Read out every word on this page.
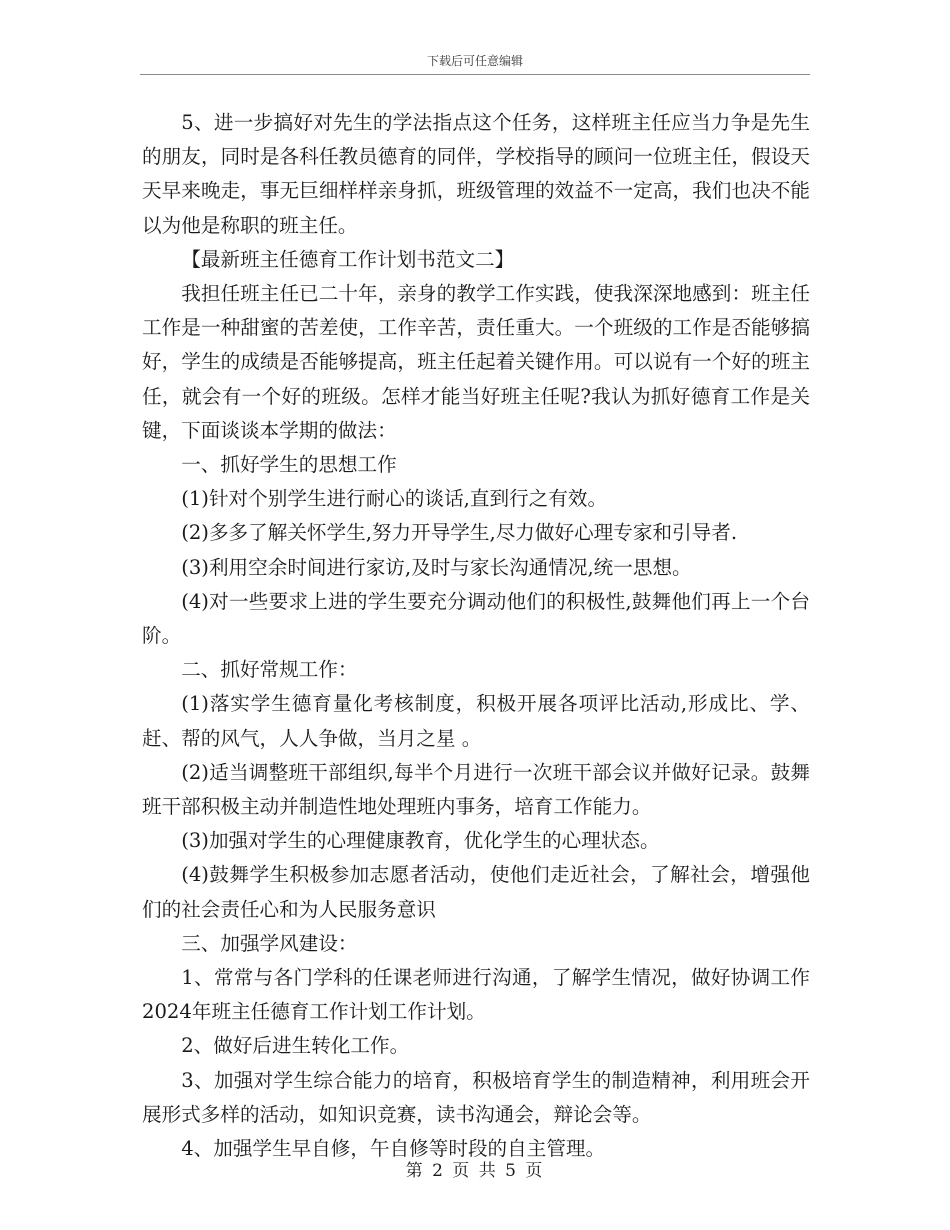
下载后可任意编辑

5、进一步搞好对先生的学法指点这个任务，这样班主任应当力争是先生的朋友，同时是各科任教员德育的同伴，学校指导的顾问一位班主任，假设天天早来晚走，事无巨细样样亲身抓，班级管理的效益不一定高，我们也决不能以为他是称职的班主任。

【最新班主任德育工作计划书范文二】

我担任班主任已二十年，亲身的教学工作实践，使我深深地感到：班主任工作是一种甜蜜的苦差使，工作辛苦，责任重大。一个班级的工作是否能够搞好，学生的成绩是否能够提高，班主任起着关键作用。可以说有一个好的班主任，就会有一个好的班级。怎样才能当好班主任呢?我认为抓好德育工作是关键，下面谈谈本学期的做法：

一、抓好学生的思想工作

(1)针对个别学生进行耐心的谈话,直到行之有效。

(2)多多了解关怀学生,努力开导学生,尽力做好心理专家和引导者.

(3)利用空余时间进行家访,及时与家长沟通情况,统一思想。

(4)对一些要求上进的学生要充分调动他们的积极性,鼓舞他们再上一个台阶。

二、抓好常规工作：

(1)落实学生德育量化考核制度，积极开展各项评比活动,形成比、学、赶、帮的风气，人人争做，当月之星 。

(2)适当调整班干部组织,每半个月进行一次班干部会议并做好记录。鼓舞班干部积极主动并制造性地处理班内事务，培育工作能力。

(3)加强对学生的心理健康教育，优化学生的心理状态。

(4)鼓舞学生积极参加志愿者活动，使他们走近社会，了解社会，增强他们的社会责任心和为人民服务意识

三、加强学风建设：

1、常常与各门学科的任课老师进行沟通，了解学生情况，做好协调工作2024年班主任德育工作计划工作计划。

2、做好后进生转化工作。

3、加强对学生综合能力的培育，积极培育学生的制造精神，利用班会开展形式多样的活动，如知识竞赛，读书沟通会，辩论会等。

4、加强学生早自修，午自修等时段的自主管理。

第 2 页 共 5 页
